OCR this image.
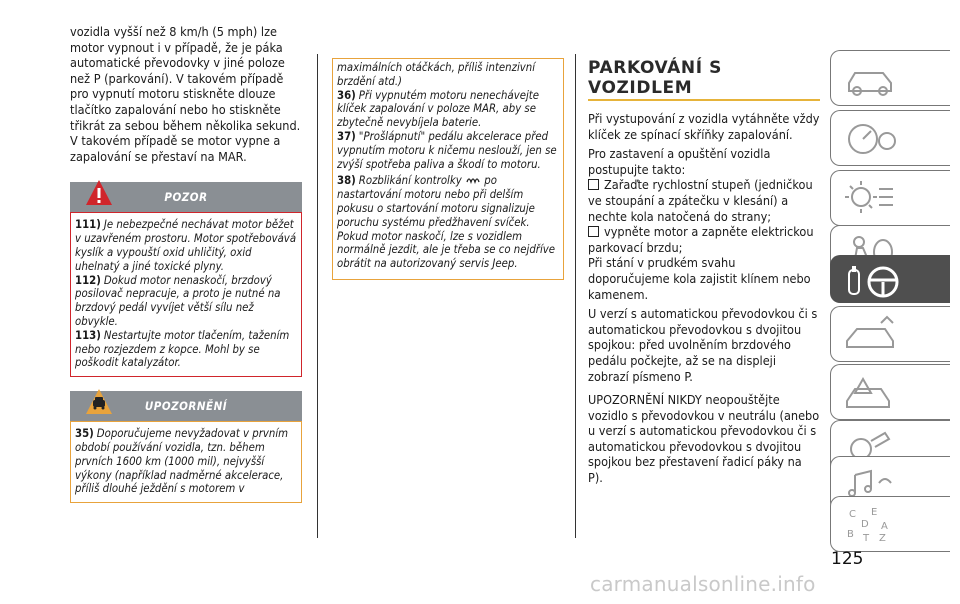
vozidla vyšší než 8 km/h (5 mph) lze motor vypnout i v případě, že je páka automatické převodovky v jiné poloze než P (parkování). V takovém případě pro vypnutí motoru stiskněte dlouze tlačítko zapalování nebo ho stiskněte třikrát za sebou během několika sekund. V takovém případě se motor vypne a zapalování se přestaví na MAR.

POZOR

111) Je nebezpečné nechávat motor běžet v uzavřeném prostoru. Motor spotřebovává kyslík a vypouští oxid uhličitý, oxid uhelnatý a jiné toxické plyny.

112) Dokud motor nenaskočí, brzdový posilovač nepracuje, a proto je nutné na brzdový pedál vyvíjet větší sílu než obvykle.

113) Nestartujte motor tlačením, tažením nebo rozjezdem z kopce. Mohl by se poškodit katalyzátor.

UPOZORNĚNÍ

35) Doporučujeme nevyžadovat v prvním období používání vozidla, tzn. během prvních 1600 km (1000 mil), nejvyšší výkony (například nadměrné akcelerace, příliš dlouhé ježdění s motorem v

maximálních otáčkách, příliš intenzivní brzdění atd.)

36) Při vypnutém motoru nenechávejte klíček zapalování v poloze MAR, aby se zbytečně nevybíjela baterie.

37) "Prošlápnutí" pedálu akcelerace před vypnutím motoru k ničemu neslouží, jen se zvýší spotřeba paliva a škodí to motoru.

38) Rozblikání kontrolky po nastartování motoru nebo při delším pokusu o startování motoru signalizuje poruchu systému předžhavení svíček. Pokud motor naskočí, lze s vozidlem normálně jezdit, ale je třeba se co nejdříve obrátit na autorizovaný servis Jeep.

PARKOVÁNÍ S VOZIDLEM

Při vystupování z vozidla vytáhněte vždy klíček ze spínací skříňky zapalování.

Pro zastavení a opuštění vozidla postupujte takto:

Zařaďte rychlostní stupeň (jedničkou ve stoupání a zpátečku v klesání) a nechte kola natočená do strany;

vypněte motor a zapněte elektrickou parkovací brzdu;

Při stání v prudkém svahu doporučujeme kola zajistit klínem nebo kamenem.

U verzí s automatickou převodovkou či s automatickou převodovkou s dvojitou spojkou: před uvolněním brzdového pedálu počkejte, až se na displeji zobrazí písmeno P.

UPOZORNĚNÍ NIKDY neopouštějte vozidlo s převodovkou v neutrálu (anebo u verzí s automatickou převodovkou či s automatickou převodovkou s dvojitou spojkou bez přestavení řadicí páky na P).

C E
D A
B T Z
125
carmanualsonline.info
